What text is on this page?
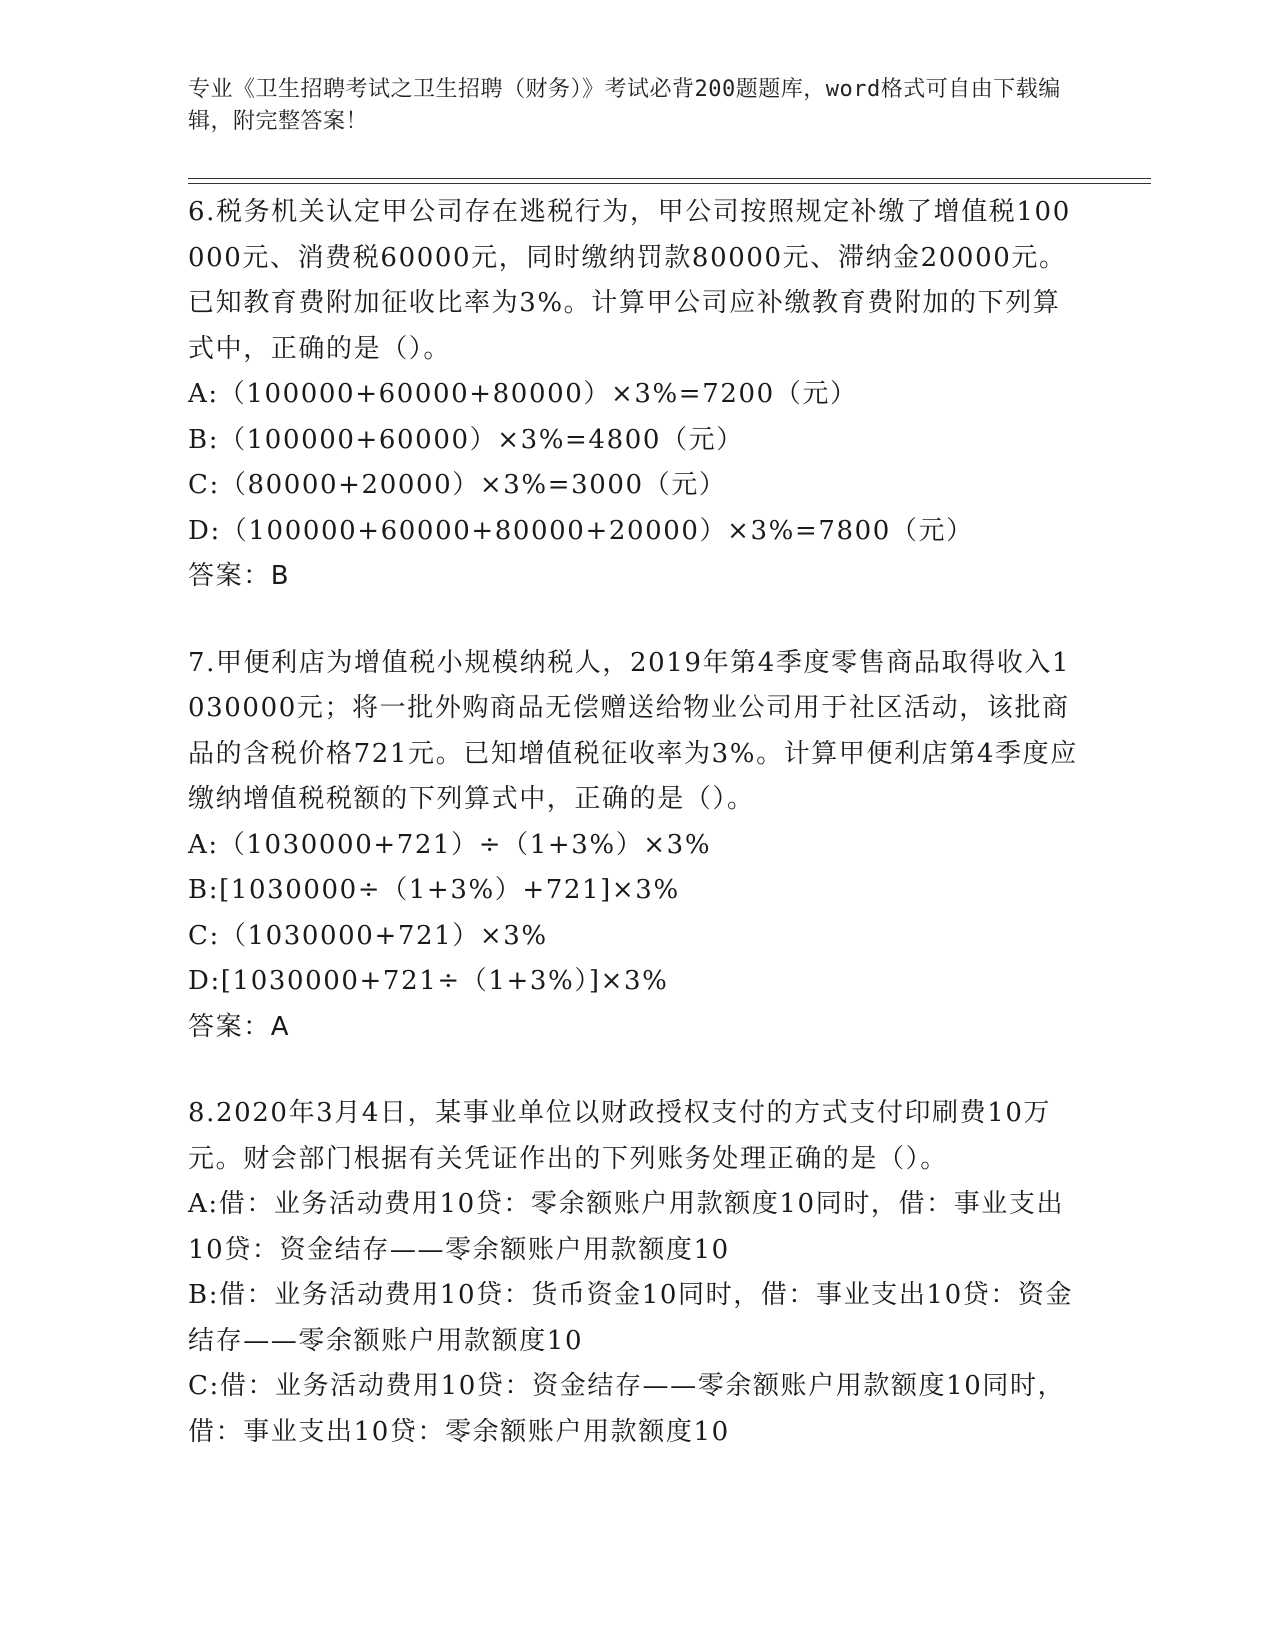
专业《卫生招聘考试之卫生招聘（财务）》考试必背200题题库，word格式可自由下载编辑，附完整答案！
6.税务机关认定甲公司存在逃税行为，甲公司按照规定补缴了增值税100000元、消费税60000元，同时缴纳罚款80000元、滞纳金20000元。已知教育费附加征收比率为3%。计算甲公司应补缴教育费附加的下列算式中，正确的是（）。
A:（100000+60000+80000）×3%=7200（元）
B:（100000+60000）×3%=4800（元）
C:（80000+20000）×3%=3000（元）
D:（100000+60000+80000+20000）×3%=7800（元）
答案：B
7.甲便利店为增值税小规模纳税人，2019年第4季度零售商品取得收入1030000元；将一批外购商品无偿赠送给物业公司用于社区活动，该批商品的含税价格721元。已知增值税征收率为3%。计算甲便利店第4季度应缴纳增值税税额的下列算式中，正确的是（）。
A:（1030000+721）÷（1+3%）×3%
B:[1030000÷（1+3%）+721]×3%
C:（1030000+721）×3%
D:[1030000+721÷（1+3%）]×3%
答案：A
8.2020年3月4日，某事业单位以财政授权支付的方式支付印刷费10万元。财会部门根据有关凭证作出的下列账务处理正确的是（）。
A:借：业务活动费用10贷：零余额账户用款额度10同时，借：事业支出10贷：资金结存——零余额账户用款额度10
B:借：业务活动费用10贷：货币资金10同时，借：事业支出10贷：资金结存——零余额账户用款额度10
C:借：业务活动费用10贷：资金结存——零余额账户用款额度10同时，借：事业支出10贷：零余额账户用款额度10
